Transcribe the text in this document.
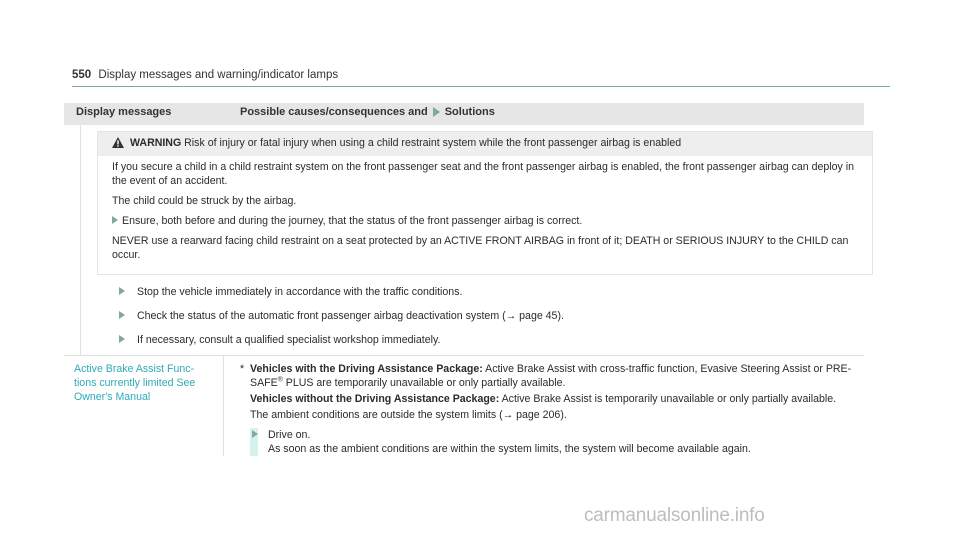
550 Display messages and warning/indicator lamps
Display messages	Possible causes/consequences and Solutions
WARNING Risk of injury or fatal injury when using a child restraint system while the front passenger airbag is enabled

If you secure a child in a child restraint system on the front passenger seat and the front passenger airbag is enabled, the front passenger airbag can deploy in the event of an accident.

The child could be struck by the airbag.

Ensure, both before and during the journey, that the status of the front passenger airbag is correct.

NEVER use a rearward facing child restraint on a seat protected by an ACTIVE FRONT AIRBAG in front of it; DEATH or SERIOUS INJURY to the CHILD can occur.

Stop the vehicle immediately in accordance with the traffic conditions.
Check the status of the automatic front passenger airbag deactivation system (→ page 45).
If necessary, consult a qualified specialist workshop immediately.
Active Brake Assist Func-
tions currently limited See
Owner's Manual

* Vehicles with the Driving Assistance Package: Active Brake Assist with cross-traffic function, Evasive Steering Assist or PRE-SAFE® PLUS are temporarily unavailable or only partially available.

Vehicles without the Driving Assistance Package: Active Brake Assist is temporarily unavailable or only partially available.

The ambient conditions are outside the system limits (→ page 206).

Drive on.
As soon as the ambient conditions are within the system limits, the system will become available again.
carmanualsonline.info
